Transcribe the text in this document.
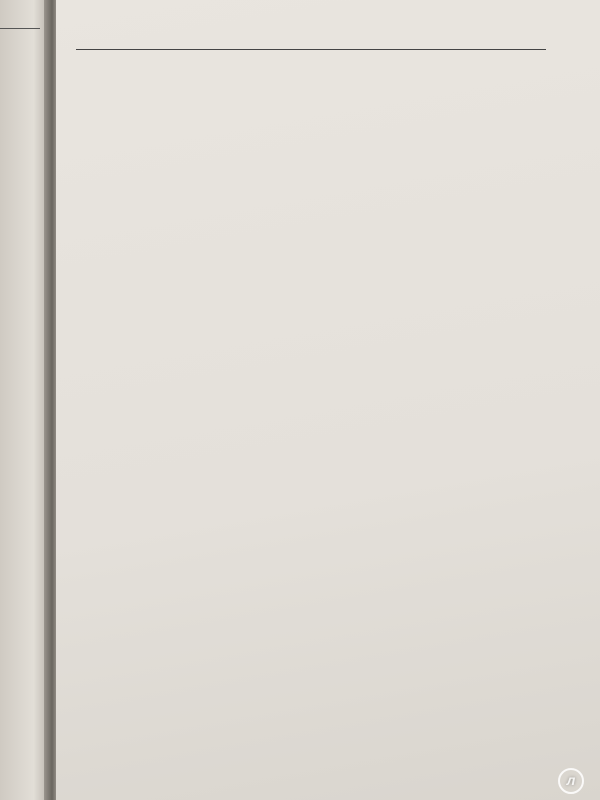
л
